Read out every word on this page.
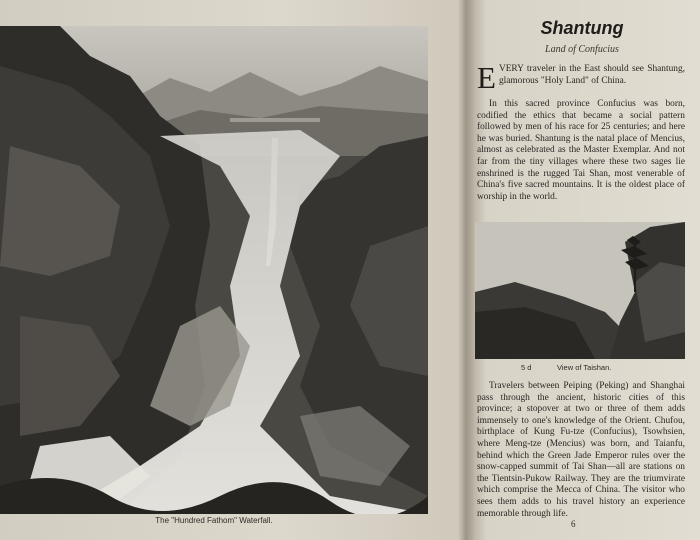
The "Hundred Fathom" Waterfall.
Shantung
Land of Confucius

EVERY traveler in the East should see Shantung, glamorous "Holy Land" of China.

In this sacred province Confucius was born, codified the ethics that became a social pattern followed by men of his race for 25 centuries; and here he was buried. Shantung is the natal place of Mencius, almost as celebrated as the Master Exemplar. And not far from the tiny villages where these two sages lie enshrined is the rugged Tai Shan, most venerable of China's five sacred mountains. It is the oldest place of worship in the world.

5 d	View of Taishan.

Travelers between Peiping (Peking) and Shanghai pass through the ancient, historic cities of this province; a stopover at two or three of them adds immensely to one's knowledge of the Orient. Chufou, birthplace of Kung Fu-tze (Confucius), Tsowhsien, where Meng-tze (Mencius) was born, and Taianfu, behind which the Green Jade Emperor rules over the snow-capped summit of Tai Shan—all are stations on the Tientsin-Pukow Railway. They are the triumvirate which comprise the Mecca of China. The visitor who sees them adds to his travel history an experience memorable through life.

6
